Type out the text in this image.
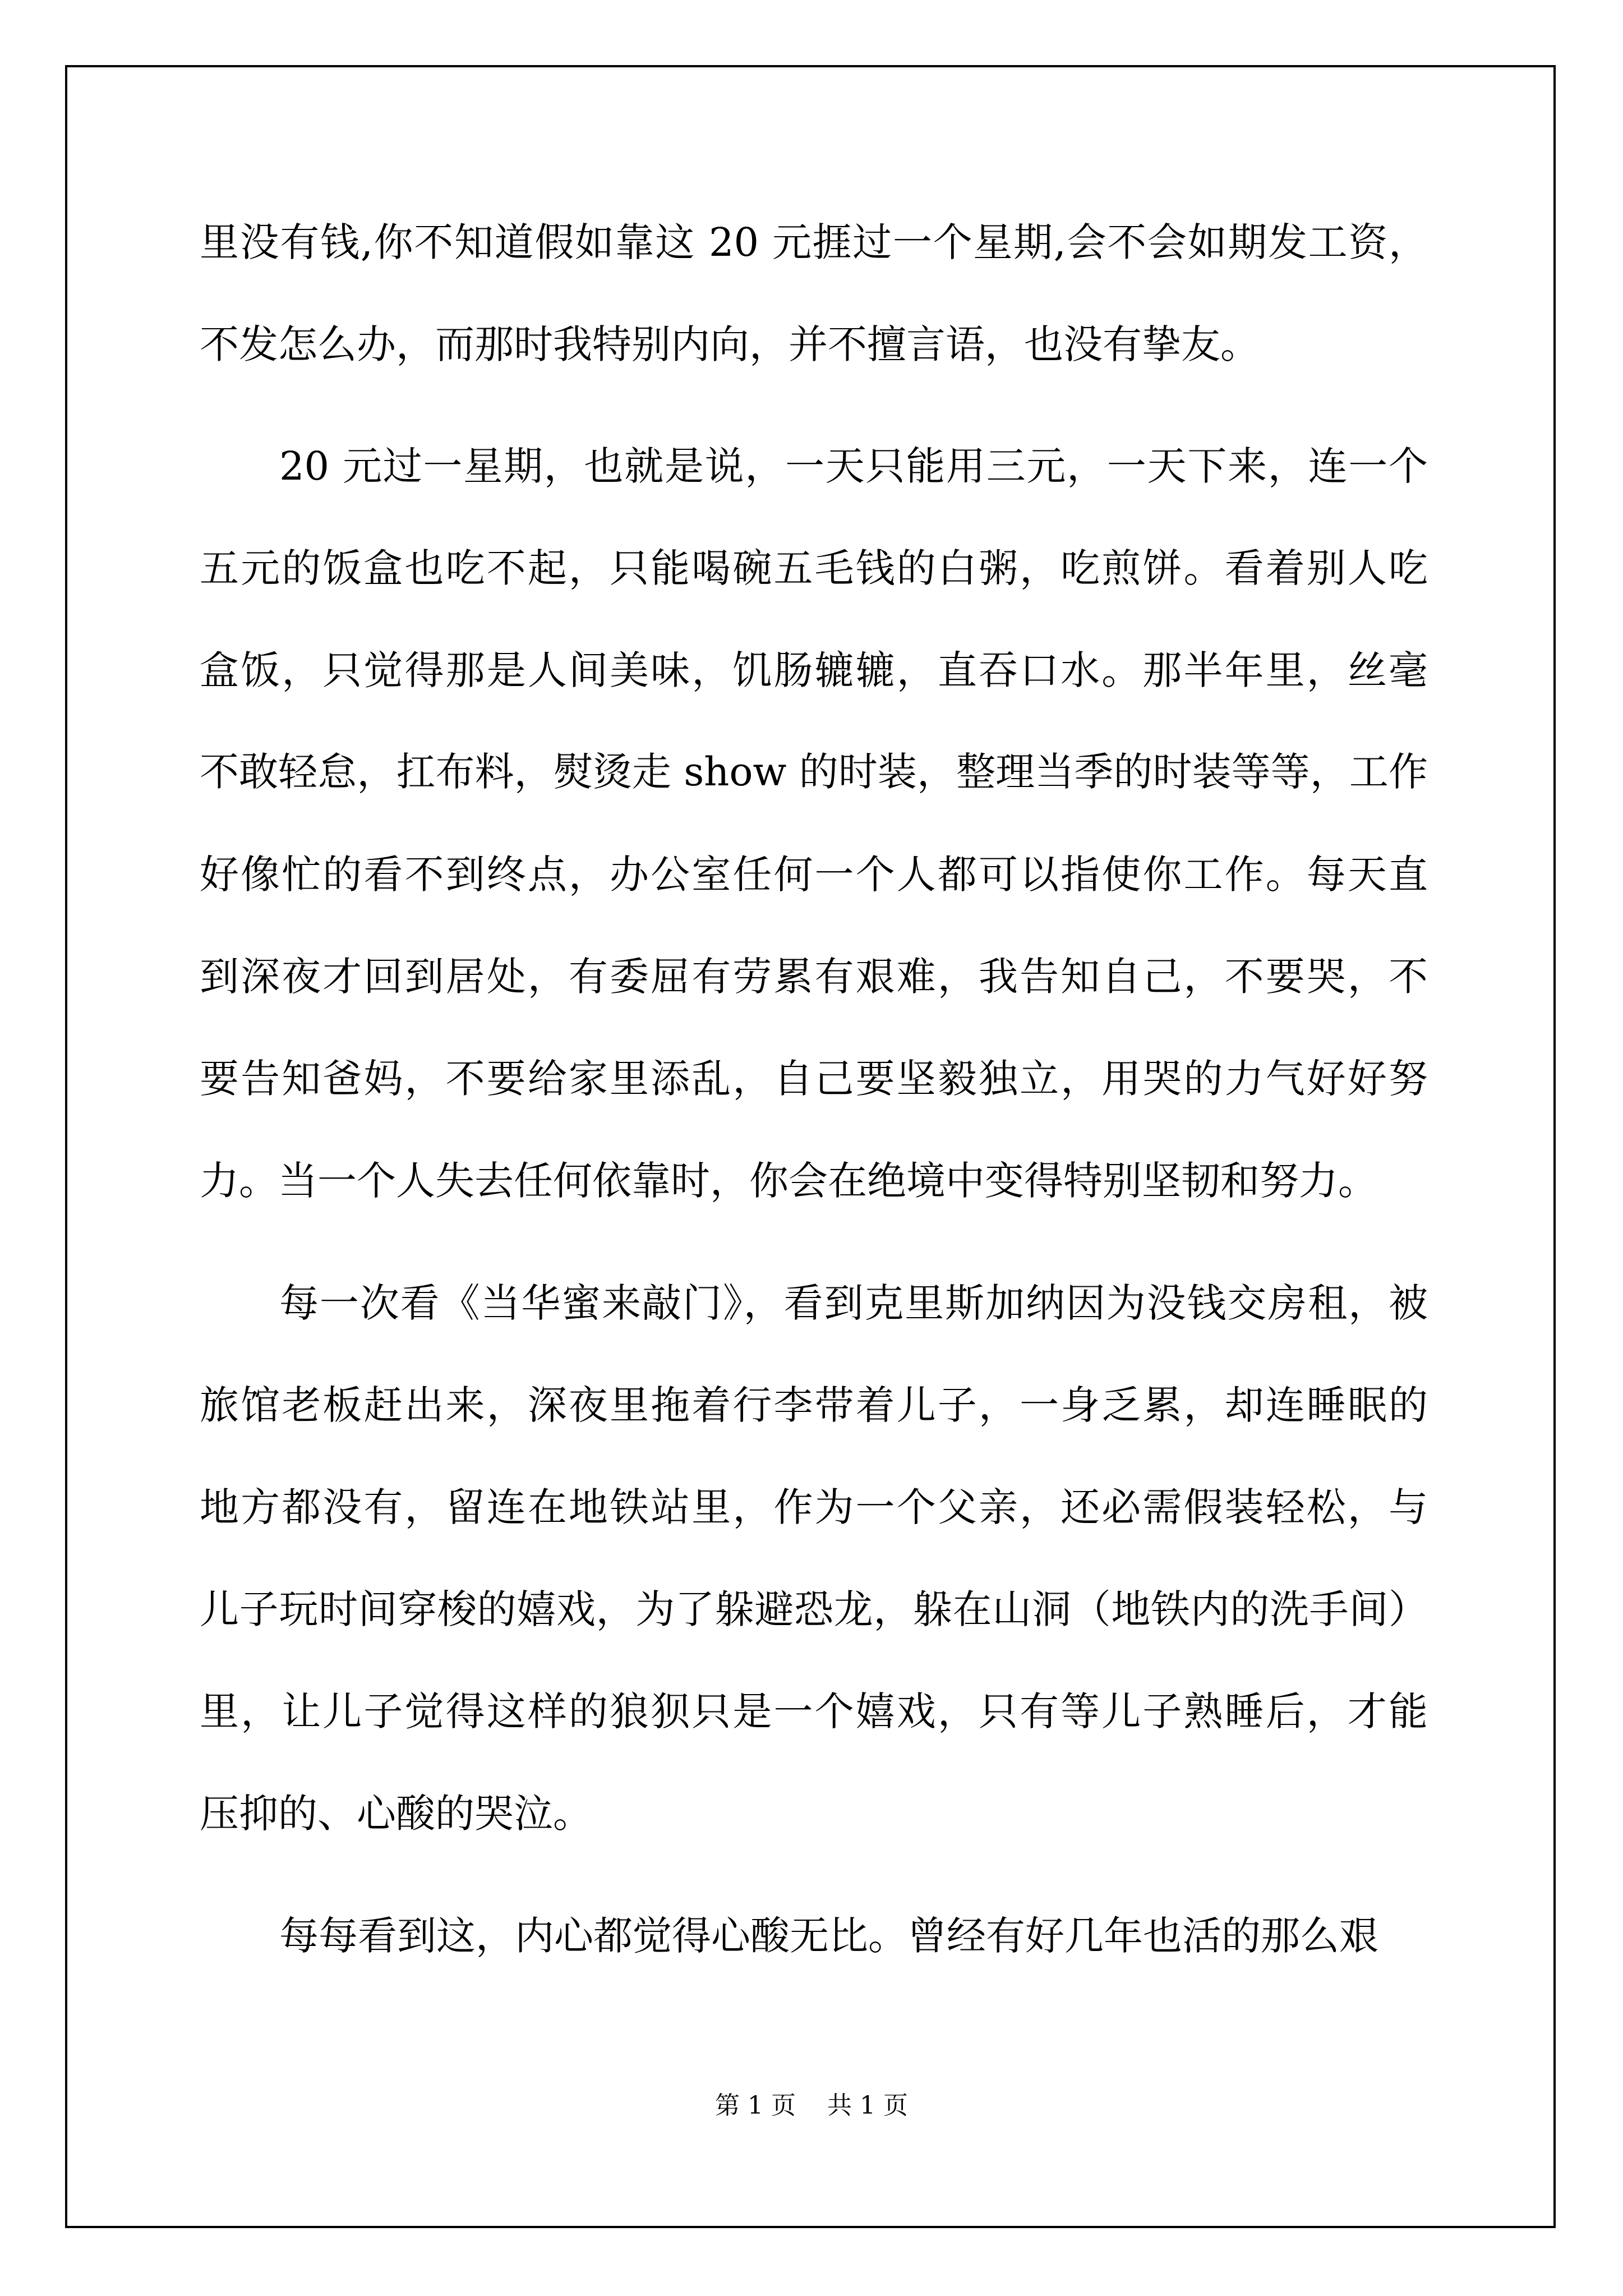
里没有钱,你不知道假如靠这 20 元捱过一个星期,会不会如期发工资，

不发怎么办，而那时我特别内向，并不擅言语，也没有挚友。

20 元过一星期，也就是说，一天只能用三元，一天下来，连一个

五元的饭盒也吃不起，只能喝碗五毛钱的白粥，吃煎饼。看着别人吃

盒饭，只觉得那是人间美味，饥肠辘辘，直吞口水。那半年里，丝毫

不敢轻怠，扛布料，熨烫走 show 的时装，整理当季的时装等等，工作

好像忙的看不到终点，办公室任何一个人都可以指使你工作。每天直

到深夜才回到居处，有委屈有劳累有艰难，我告知自己，不要哭，不

要告知爸妈，不要给家里添乱，自己要坚毅独立，用哭的力气好好努

力。当一个人失去任何依靠时，你会在绝境中变得特别坚韧和努力。

每一次看《当华蜜来敲门》，看到克里斯加纳因为没钱交房租，被

旅馆老板赶出来，深夜里拖着行李带着儿子，一身乏累，却连睡眠的

地方都没有，留连在地铁站里，作为一个父亲，还必需假装轻松，与

儿子玩时间穿梭的嬉戏，为了躲避恐龙，躲在山洞（地铁内的洗手间）

里，让儿子觉得这样的狼狈只是一个嬉戏，只有等儿子熟睡后，才能

压抑的、心酸的哭泣。

每每看到这，内心都觉得心酸无比。曾经有好几年也活的那么艰

第 1 页 共 1 页
